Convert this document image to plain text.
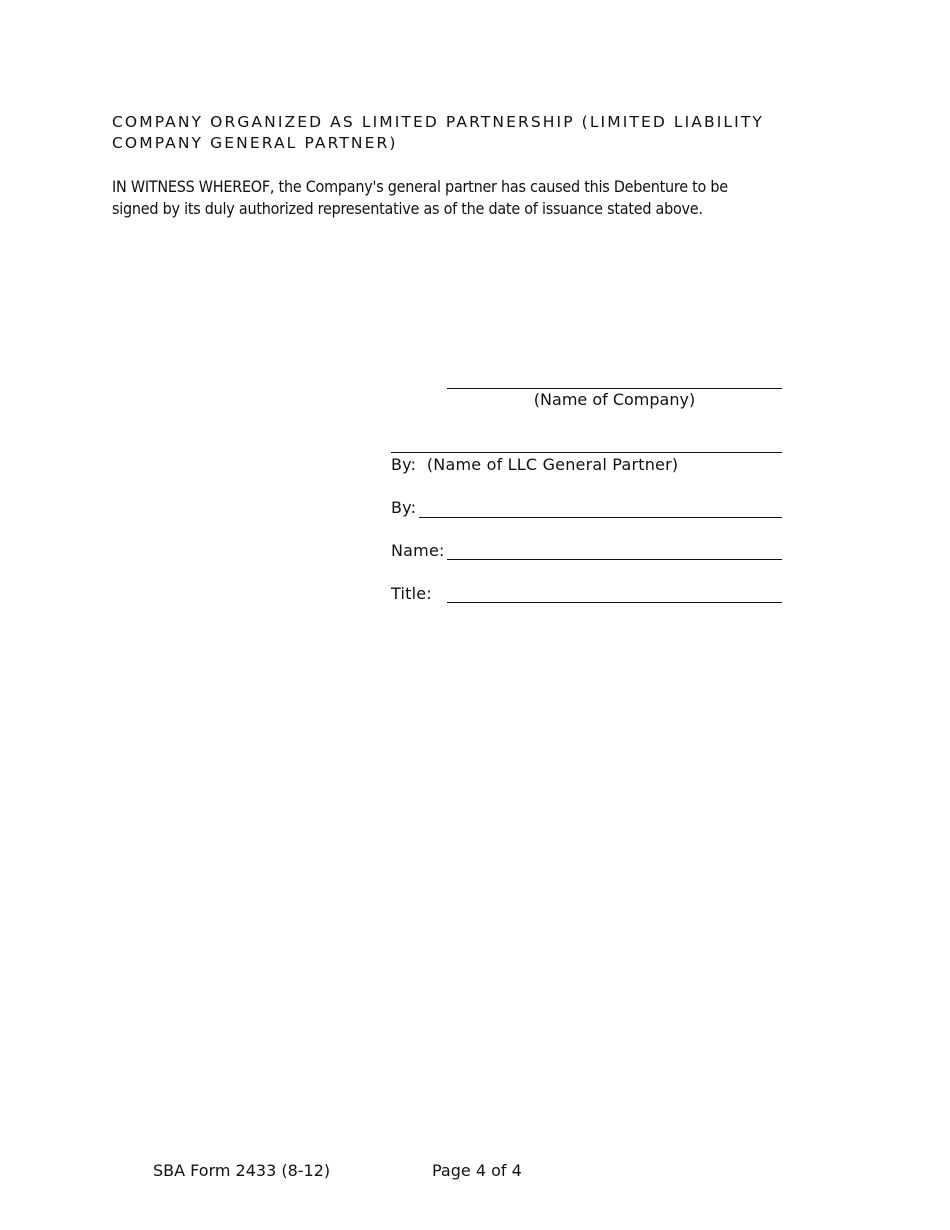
COMPANY ORGANIZED AS LIMITED PARTNERSHIP (LIMITED LIABILITY
COMPANY GENERAL PARTNER)
IN WITNESS WHEREOF, the Company's general partner has caused this Debenture to be
signed by its duly authorized representative as of the date of issuance stated above.
(Name of Company)
By:  (Name of LLC General Partner)
By:
Name:
Title:
SBA Form 2433 (8-12)	Page 4 of 4
